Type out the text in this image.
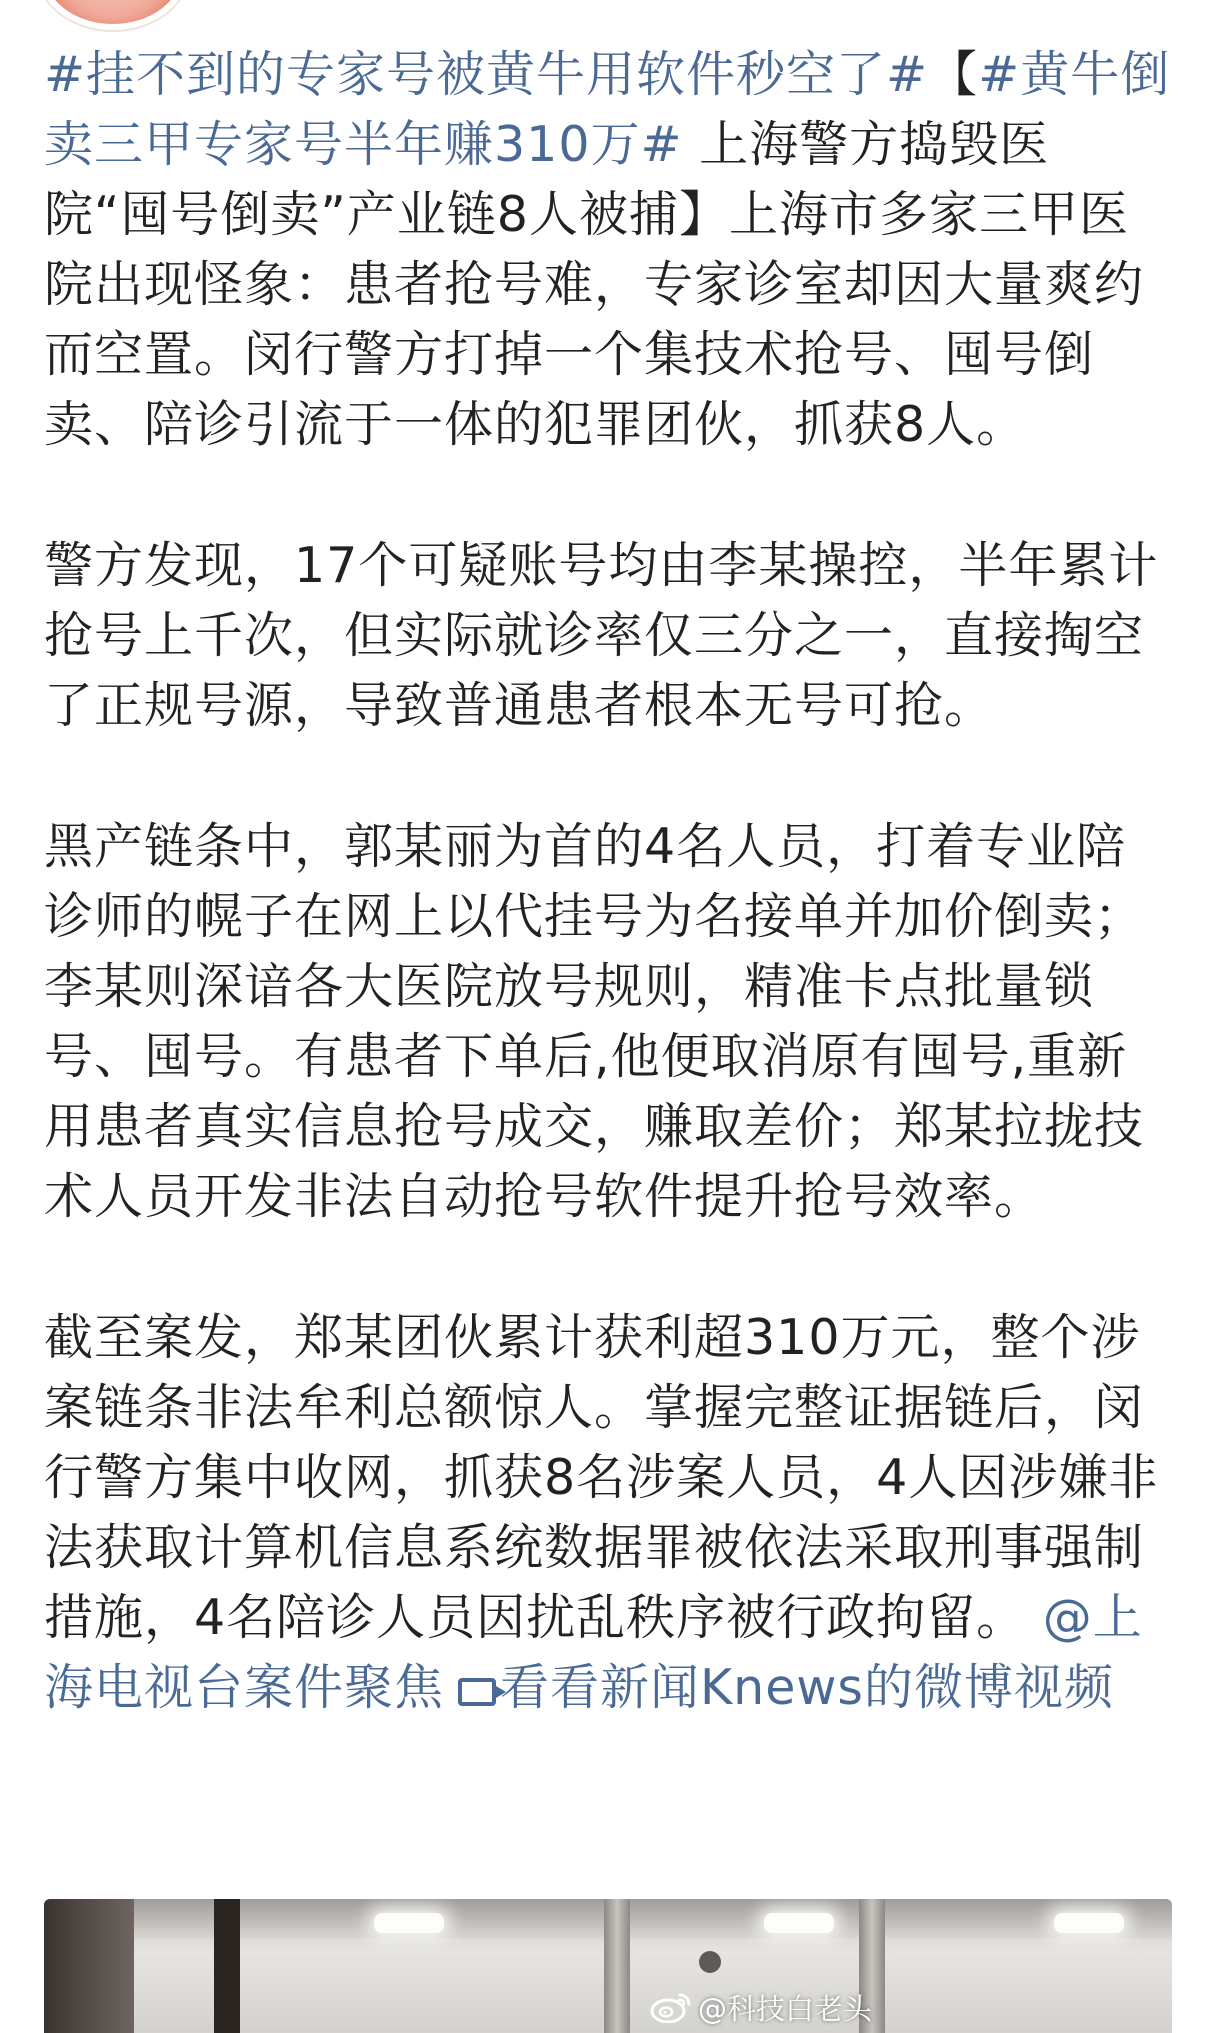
#挂不到的专家号被黄牛用软件秒空了#【#黄牛倒卖三甲专家号半年赚310万# 上海警方捣毁医院“囤号倒卖”产业链8人被捕】上海市多家三甲医院出现怪象：患者抢号难，专家诊室却因大量爽约而空置。闵行警方打掉一个集技术抢号、囤号倒卖、陪诊引流于一体的犯罪团伙，抓获8人。

警方发现，17个可疑账号均由李某操控，半年累计抢号上千次，但实际就诊率仅三分之一，直接掏空了正规号源，导致普通患者根本无号可抢。

黑产链条中，郭某丽为首的4名人员，打着专业陪诊师的幌子在网上以代挂号为名接单并加价倒卖；李某则深谙各大医院放号规则，精准卡点批量锁号、囤号。有患者下单后,他便取消原有囤号,重新用患者真实信息抢号成交，赚取差价；郑某拉拢技术人员开发非法自动抢号软件提升抢号效率。

截至案发，郑某团伙累计获利超310万元，整个涉案链条非法牟利总额惊人。掌握完整证据链后，闵行警方集中收网，抓获8名涉案人员，4人因涉嫌非法获取计算机信息系统数据罪被依法采取刑事强制措施，4名陪诊人员因扰乱秩序被行政拘留。 @上海电视台案件聚焦 看看新闻Knews的微博视频

@科技白老头
